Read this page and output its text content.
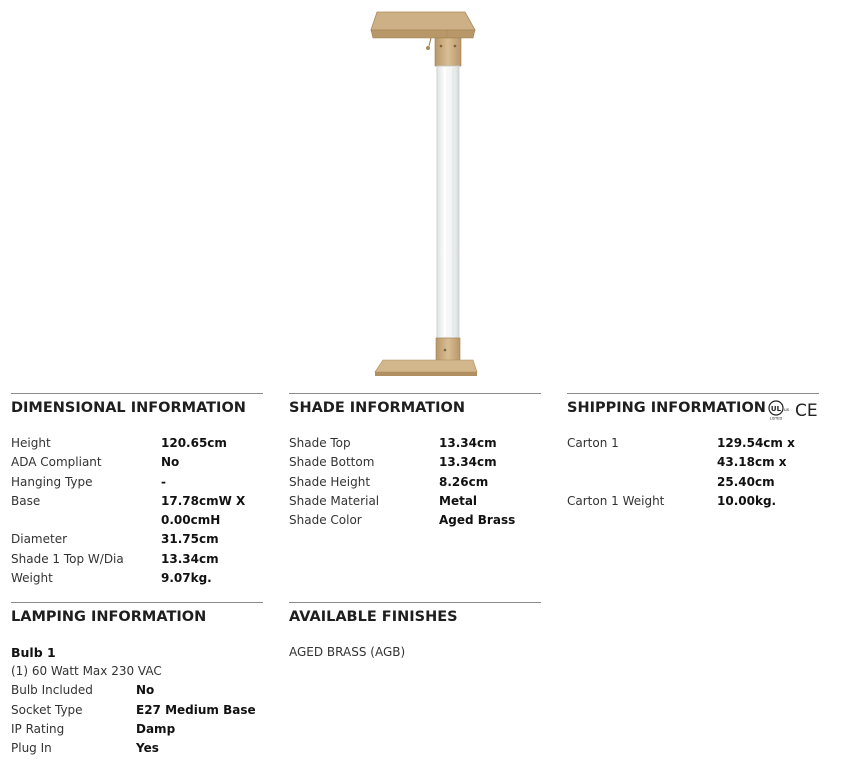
DIMENSIONAL INFORMATION
Height	120.65cm
ADA Compliant	No
Hanging Type	-
Base	17.78cmW X
0.00cmH
Diameter	31.75cm
Shade 1 Top W/Dia	13.34cm
Weight	9.07kg.
SHADE INFORMATION
Shade Top	13.34cm
Shade Bottom	13.34cm
Shade Height	8.26cm
Shade Material	Metal
Shade Color	Aged Brass
SHIPPING INFORMATION UL us
LISTED CE
Carton 1	129.54cm x
43.18cm x 25.40cm
Carton 1 Weight	10.00kg.
LAMPING INFORMATION
Bulb 1
(1) 60 Watt Max 230 VAC
Bulb Included	No
Socket Type	E27 Medium Base
IP Rating	Damp
Plug In	Yes
AVAILABLE FINISHES
AGED BRASS (AGB)
